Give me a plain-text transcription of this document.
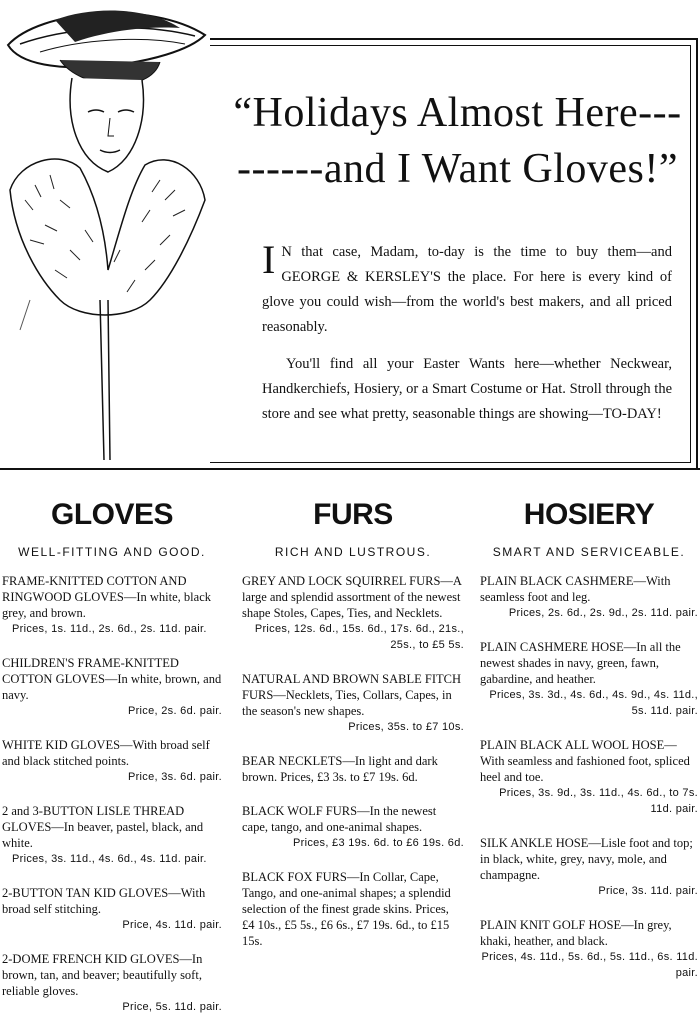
“Holidays Almost Here---
------and I Want Gloves!”

I N that case, Madam, to-day is the time to buy them—and GEORGE & KERSLEY'S the place. For here is every kind of glove you could wish—from the world's best makers, and all priced reasonably.

You'll find all your Easter Wants here—whether Neckwear, Handkerchiefs, Hosiery, or a Smart Costume or Hat. Stroll through the store and see what pretty, seasonable things are showing—TO-DAY!

GLOVES
WELL-FITTING AND GOOD.
FRAME-KNITTED COTTON AND RINGWOOD GLOVES—In white, black grey, and brown.
Prices, 1s. 11d., 2s. 6d., 2s. 11d. pair.
CHILDREN'S FRAME-KNITTED COTTON GLOVES—In white, brown, and navy.
Price, 2s. 6d. pair.
WHITE KID GLOVES—With broad self and black stitched points.
Price, 3s. 6d. pair.
2 and 3-BUTTON LISLE THREAD GLOVES—In beaver, pastel, black, and white.
Prices, 3s. 11d., 4s. 6d., 4s. 11d. pair.
2-BUTTON TAN KID GLOVES—With broad self stitching.
Price, 4s. 11d. pair.
2-DOME FRENCH KID GLOVES—In brown, tan, and beaver; beautifully soft, reliable gloves.
Price, 5s. 11d. pair.
FURS
RICH AND LUSTROUS.
GREY AND LOCK SQUIRREL FURS—A large and splendid assortment of the newest shape Stoles, Capes, Ties, and Necklets.
Prices, 12s. 6d., 15s. 6d., 17s. 6d., 21s., 25s., to £5 5s.
NATURAL AND BROWN SABLE FITCH FURS—Necklets, Ties, Collars, Capes, in the season's new shapes.
Prices, 35s. to £7 10s.
BEAR NECKLETS—In light and dark brown. Prices, £3 3s. to £7 19s. 6d.
BLACK WOLF FURS—In the newest cape, tango, and one-animal shapes.
Prices, £3 19s. 6d. to £6 19s. 6d.
BLACK FOX FURS—In Collar, Cape, Tango, and one-animal shapes; a splendid selection of the finest grade skins. Prices, £4 10s., £5 5s., £6 6s., £7 19s. 6d., to £15 15s.
HOSIERY
SMART AND SERVICEABLE.
PLAIN BLACK CASHMERE—With seamless foot and leg.
Prices, 2s. 6d., 2s. 9d., 2s. 11d. pair.
PLAIN CASHMERE HOSE—In all the newest shades in navy, green, fawn, gabardine, and heather.
Prices, 3s. 3d., 4s. 6d., 4s. 9d., 4s. 11d., 5s. 11d. pair.
PLAIN BLACK ALL WOOL HOSE—With seamless and fashioned foot, spliced heel and toe.
Prices, 3s. 9d., 3s. 11d., 4s. 6d., to 7s. 11d. pair.
SILK ANKLE HOSE—Lisle foot and top; in black, white, grey, navy, mole, and champagne.
Price, 3s. 11d. pair.
PLAIN KNIT GOLF HOSE—In grey, khaki, heather, and black.
Prices, 4s. 11d., 5s. 6d., 5s. 11d., 6s. 11d. pair.
